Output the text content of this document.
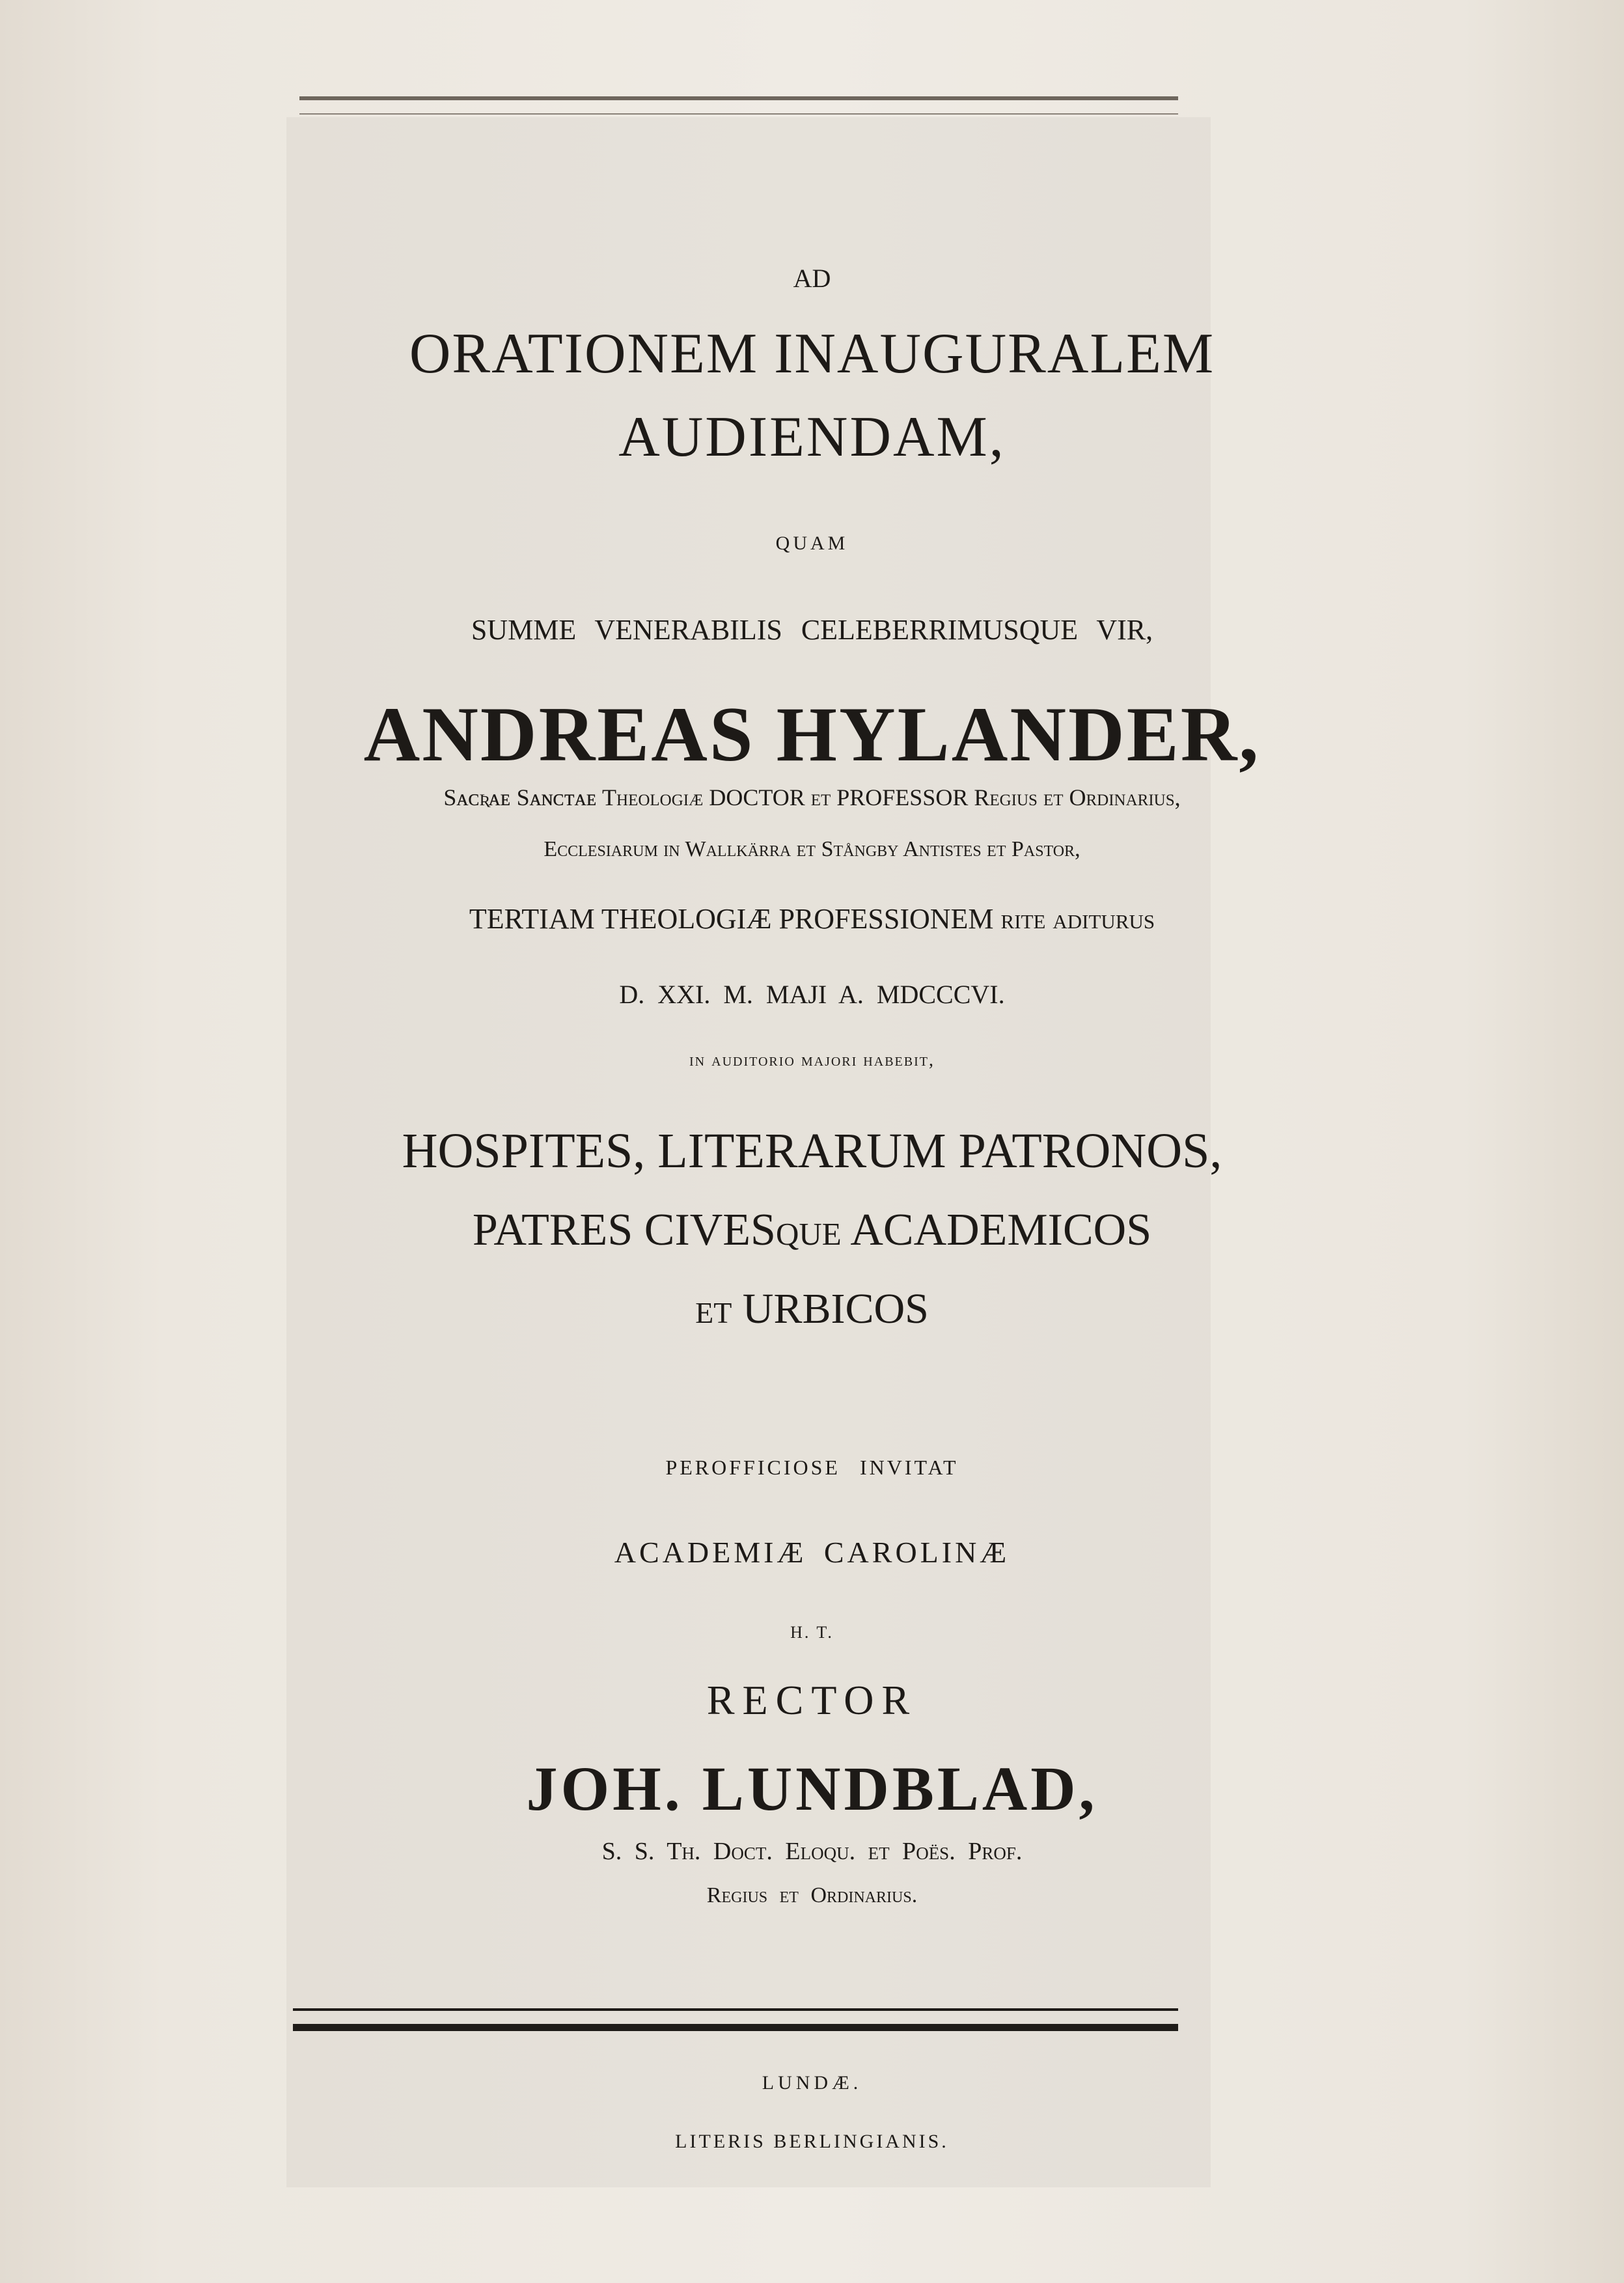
AD
ORATIONEM INAUGURALEM
AUDIENDAM,
QUAM
SUMME VENERABILIS CELEBERRIMUSQUE VIR,
ANDREAS HYLANDER,
Sᴀᴄʀᴀᴇ Sᴀɴᴄᴛᴀᴇ Theologiæ DOCTOR et PROFESSOR Regius et Ordinarius,
Ecclesiarum in Wallkärra et Stångby Antistes et Pastor,
TERTIAM THEOLOGIÆ PROFESSIONEM rite aditurus
D. XXI. M. MAJI A. MDCCCVI.
in auditorio majori habebit,
HOSPITES, LITERARUM PATRONOS,
PATRES CIVESque ACADEMICOS
et URBICOS
PEROFFICIOSE INVITAT
ACADEMIÆ CAROLINÆ
H. T.
RECTOR
JOH. LUNDBLAD,
S. S. Th. Doct. Eloqu. et Poës. Prof.
Regius et Ordinarius.
LUNDÆ.
LITERIS BERLINGIANIS.
